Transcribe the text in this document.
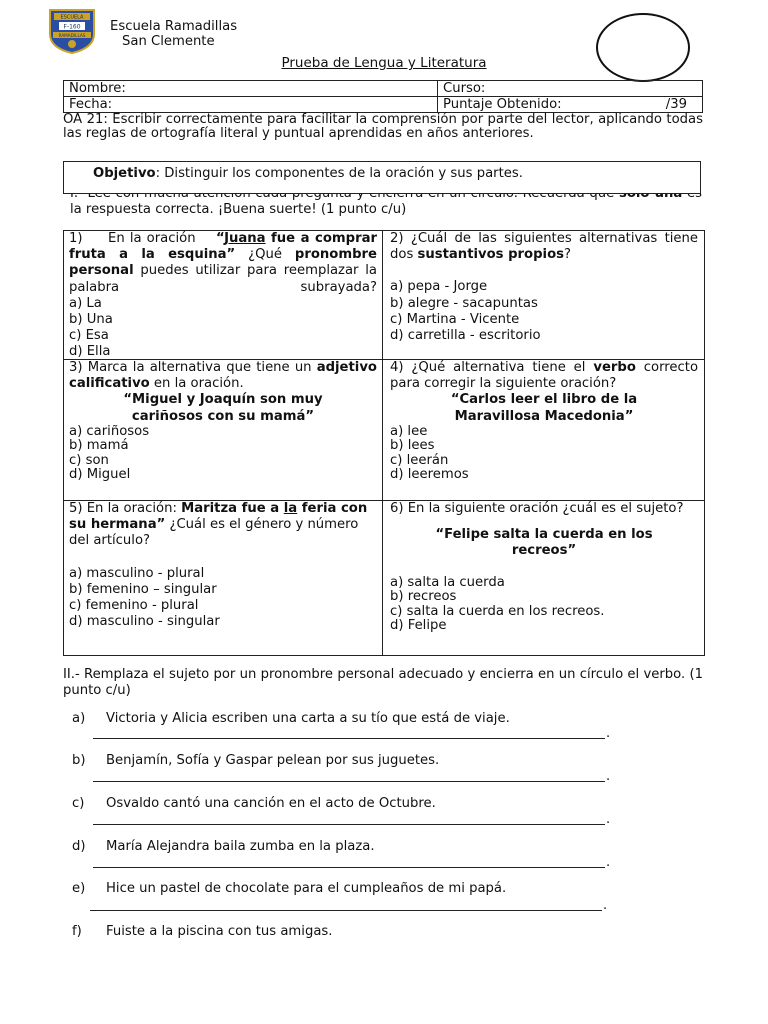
ESCUELA
F-160
RAMADILLAS
Escuela Ramadillas
San Clemente
Prueba de Lengua y Literatura
Nombre:	Curso:
Fecha:	Puntaje Obtenido: /39
OA 21: Escribir correctamente para facilitar la comprensión por parte del lector, aplicando todas las reglas de ortografía literal y puntual aprendidas en años anteriores.
la respuesta correcta. ¡Buena suerte! (1 punto c/u)
Objetivo: Distinguir los componentes de la oración y sus partes.
1) En la oración “Juana fue a comprar fruta a la esquina” ¿Qué pronombre personal puedes utilizar para reemplazar la palabra subrayada?
a) La
b) Una
c) Esa
d) Ella
2) ¿Cuál de las siguientes alternativas tiene dos sustantivos propios?
a) pepa - Jorge
b) alegre - sacapuntas
c) Martina - Vicente
d) carretilla - escritorio
3) Marca la alternativa que tiene un adjetivo calificativo en la oración.
“Miguel y Joaquín son muy cariñosos con su mamá”
a) cariñosos
b) mamá
c) son
d) Miguel
4) ¿Qué alternativa tiene el verbo correcto para corregir la siguiente oración?
“Carlos leer el libro de la Maravillosa Macedonia”
a) lee
b) lees
c) leerán
d) leeremos
5) En la oración: Maritza fue a la feria con su hermana” ¿Cuál es el género y número del artículo?
a) masculino - plural
b) femenino – singular
c) femenino - plural
d) masculino - singular
6) En la siguiente oración ¿cuál es el sujeto?
“Felipe salta la cuerda en los recreos”
a) salta la cuerda
b) recreos
c) salta la cuerda en los recreos.
d) Felipe
II.- Remplaza el sujeto por un pronombre personal adecuado y encierra en un círculo el verbo. (1 punto c/u)
a) Victoria y Alicia escriben una carta a su tío que está de viaje.
.
b) Benjamín, Sofía y Gaspar pelean por sus juguetes.
.
c) Osvaldo cantó una canción en el acto de Octubre.
.
d) María Alejandra baila zumba en la plaza.
.
e) Hice un pastel de chocolate para el cumpleaños de mi papá.
.
f) Fuiste a la piscina con tus amigas.
